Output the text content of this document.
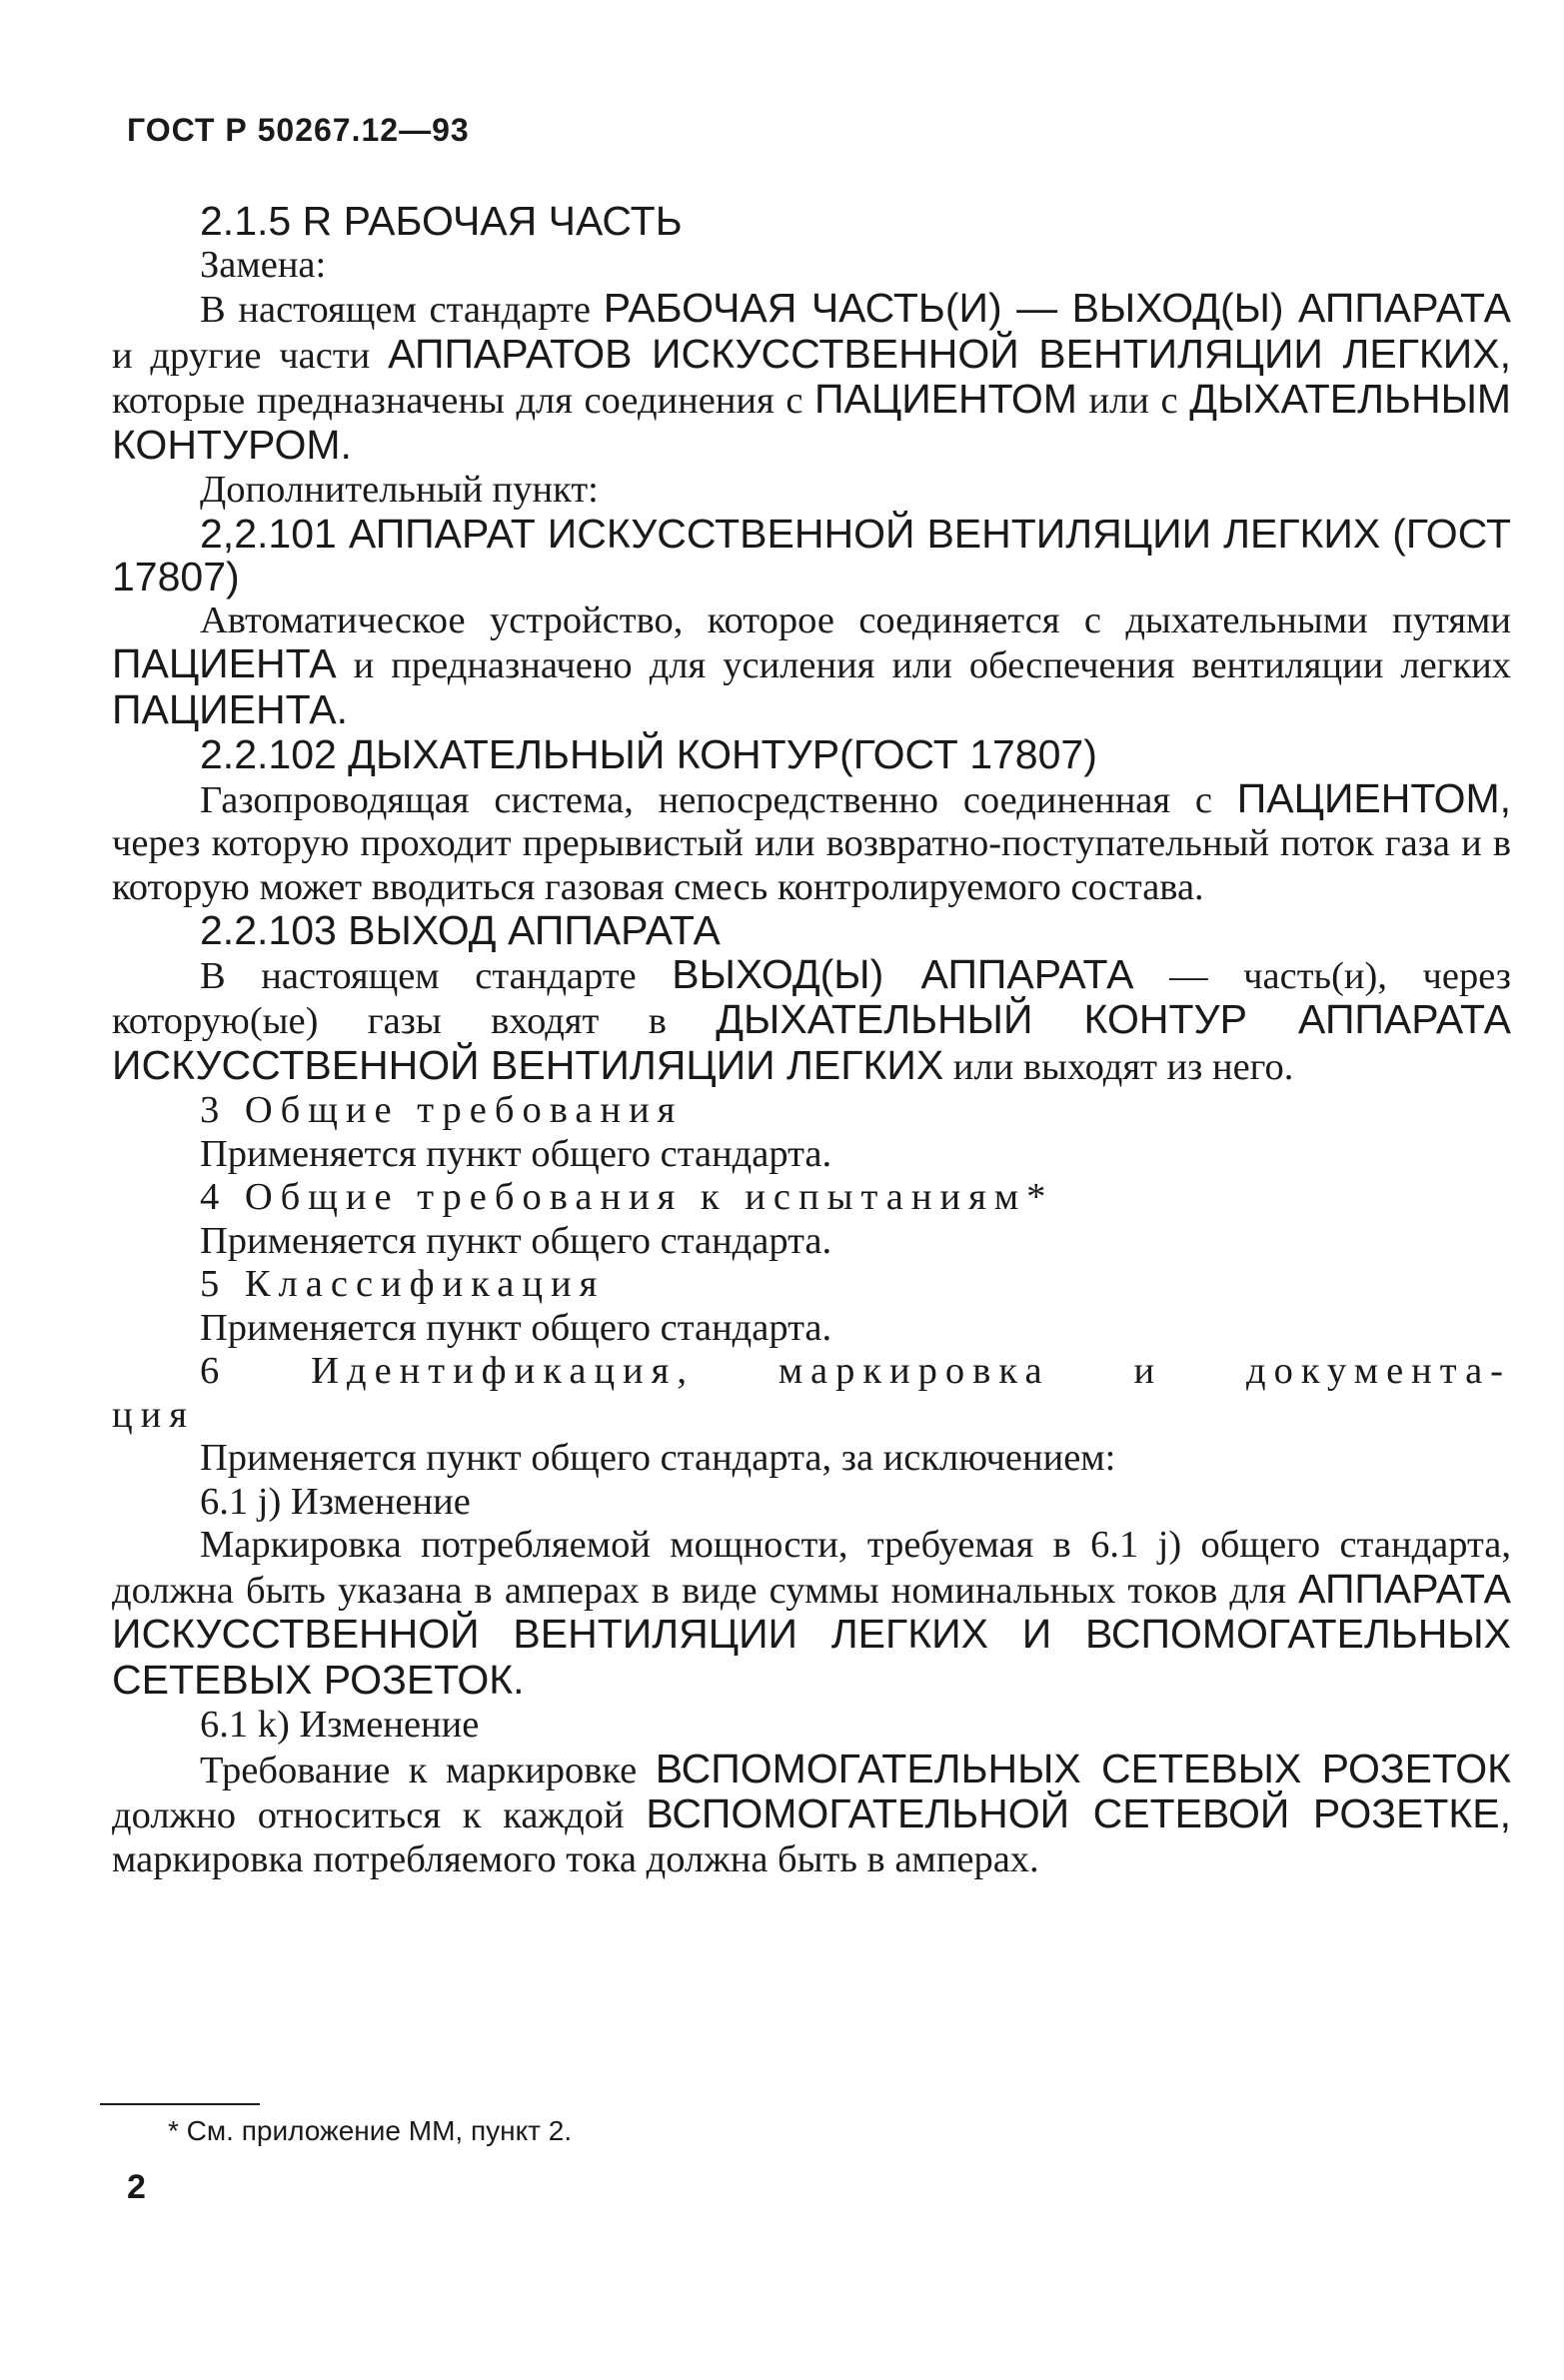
ГОСТ Р 50267.12—93

2.1.5 R РАБОЧАЯ ЧАСТЬ

Замена:

В настоящем стандарте РАБОЧАЯ ЧАСТЬ(И) — ВЫХОД(Ы) АППАРАТА и другие части АППАРАТОВ ИСКУССТВЕННОЙ ВЕНТИЛЯЦИИ ЛЕГКИХ, которые предназначены для соединения с ПАЦИЕНТОМ или с ДЫХАТЕЛЬНЫМ КОНТУРОМ.

Дополнительный пункт:

2,2.101 АППАРАТ ИСКУССТВЕННОЙ ВЕНТИЛЯЦИИ ЛЕГКИХ (ГОСТ 17807)

Автоматическое устройство, которое соединяется с дыхательными путями ПАЦИЕНТА и предназначено для усиления или обеспечения вентиляции легких ПАЦИЕНТА.

2.2.102 ДЫХАТЕЛЬНЫЙ КОНТУР(ГОСТ 17807)

Газопроводящая система, непосредственно соединенная с ПАЦИЕНТОМ, через которую проходит прерывистый или возвратно-поступательный поток газа и в которую может вводиться газовая смесь контролируемого состава.

2.2.103 ВЫХОД АППАРАТА

В настоящем стандарте ВЫХОД(Ы) АППАРАТА — часть(и), через которую(ые) газы входят в ДЫХАТЕЛЬНЫЙ КОНТУР АППАРАТА ИСКУССТВЕННОЙ ВЕНТИЛЯЦИИ ЛЕГКИХ или выходят из него.

3 Общие требования

Применяется пункт общего стандарта.

4 Общие требования к испытаниям*

Применяется пункт общего стандарта.

5 Классификация

Применяется пункт общего стандарта.

6 Идентификация, маркировка и документа-

ция

Применяется пункт общего стандарта, за исключением:

6.1 j) Изменение

Маркировка потребляемой мощности, требуемая в 6.1 j) общего стандарта, должна быть указана в амперах в виде суммы номинальных токов для АППАРАТА ИСКУССТВЕННОЙ ВЕНТИЛЯЦИИ ЛЕГКИХ И ВСПОМОГАТЕЛЬНЫХ СЕТЕВЫХ РОЗЕТОК.

6.1 k) Изменение

Требование к маркировке ВСПОМОГАТЕЛЬНЫХ СЕТЕВЫХ РОЗЕТОК должно относиться к каждой ВСПОМОГАТЕЛЬНОЙ СЕТЕВОЙ РОЗЕТКЕ, маркировка потребляемого тока должна быть в амперах.

* См. приложение ММ, пункт 2.
2
